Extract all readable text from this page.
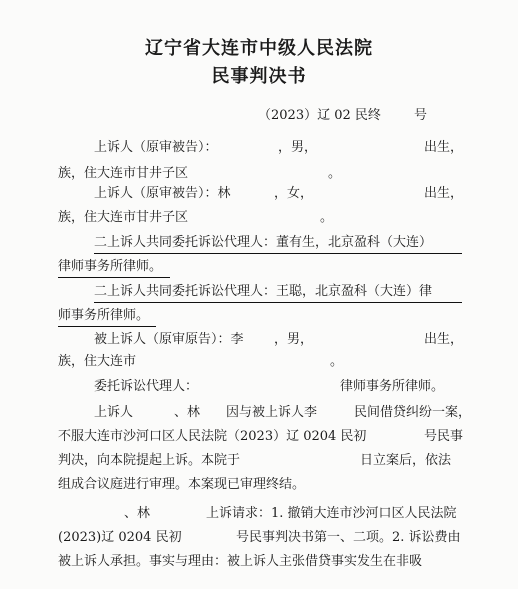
辽宁省大连市中级人民法院
民事判决书
（2023）辽 02 民终	号
上诉人（原审被告）：	，男，	出生，
族，住大连市甘井子区	。
上诉人（原审被告）：林	，女，	出生，
族，住大连市甘井子区	。
二上诉人共同委托诉讼代理人：董有生，北京盈科（大连）
律师事务所律师。
二上诉人共同委托诉讼代理人：王聪，北京盈科（大连）律
师事务所律师。
被上诉人（原审原告）：李 ，男，	出生，
族，住大连市	。
委托诉讼代理人：	律师事务所律师。
上诉人	、林 因与被上诉人李	民间借贷纠纷一案，
不服大连市沙河口区人民法院（2023）辽 0204 民初	号民事
判决，向本院提起上诉。本院于	日立案后，依法
组成合议庭进行审理。本案现已审理终结。
、林	上诉请求：1. 撤销大连市沙河口区人民法院
(2023)辽 0204 民初	号民事判决书第一、二项。2. 诉讼费由
被上诉人承担。事实与理由：被上诉人主张借贷事实发生在非吸
